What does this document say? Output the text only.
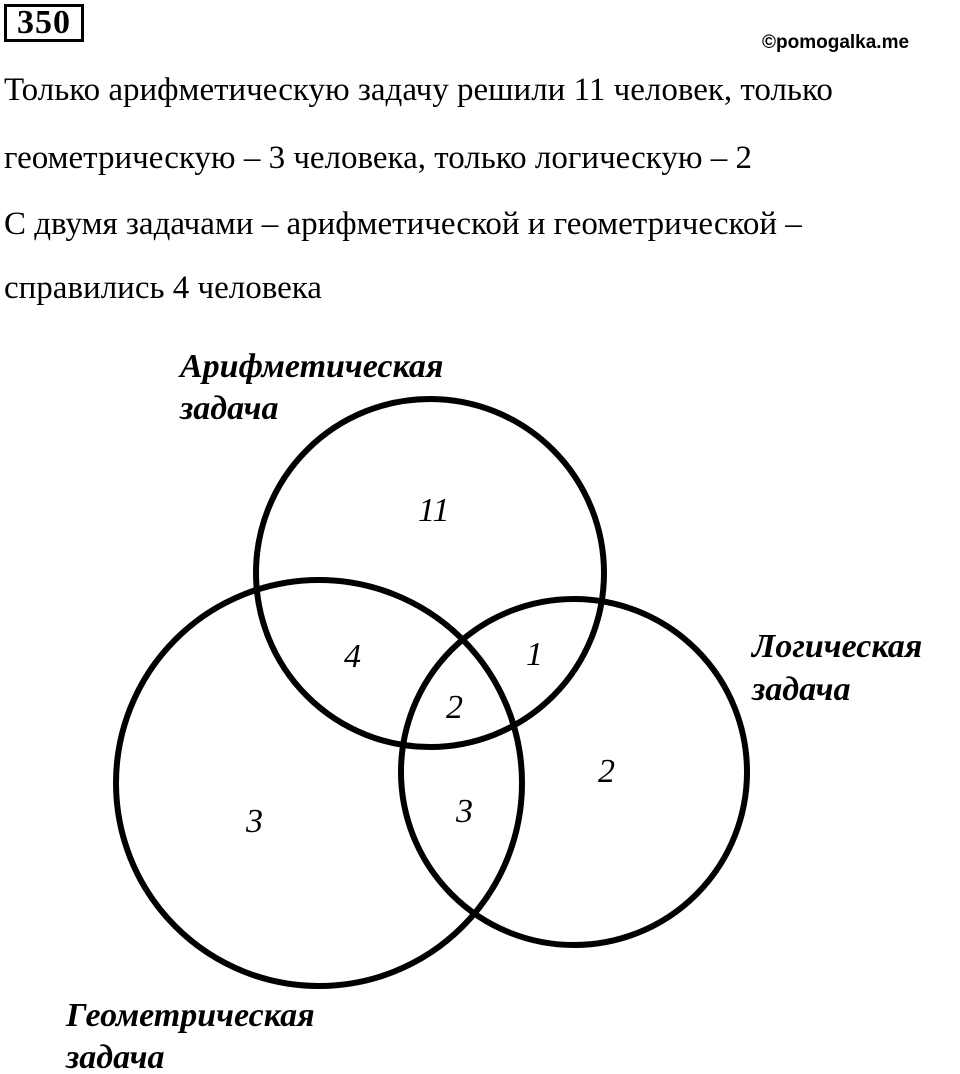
350
©pomogalka.me
Только арифметическую задачу решили 11 человек, только
геометрическую – 3 человека, только логическую – 2
С двумя задачами – арифметической и геометрической –
справились 4 человека
Арифметическая
задача
Логическая
задача
Геометрическая
задача
11
4	1
2
2
3
3
